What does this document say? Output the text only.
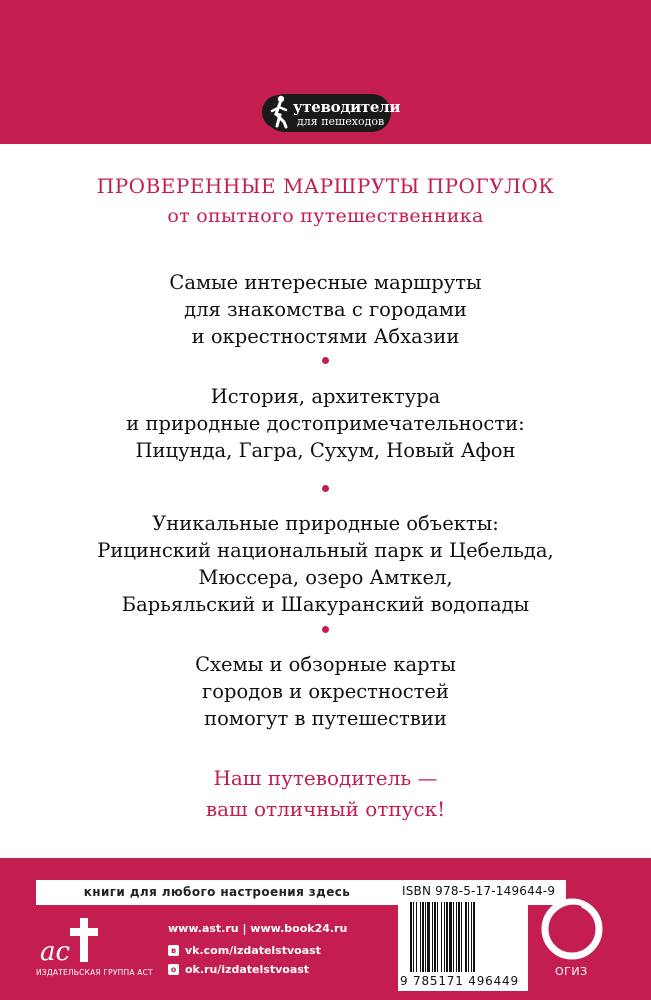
утеводители
для пешеходов
ПРОВЕРЕННЫЕ МАРШРУТЫ ПРОГУЛОК
от опытного путешественника
Самые интересные маршруты
для знакомства с городами
и окрестностями Абхазии
История, архитектура
и природные достопримечательности:
Пицунда, Гагра, Сухум, Новый Афон
Уникальные природные объекты:
Рицинский национальный парк и Цебельда,
Мюссера, озеро Амткел,
Барьяльский и Шакуранский водопады
Схемы и обзорные карты
городов и окрестностей
помогут в путешествии
Наш путеводитель —
ваш отличный отпуск!
книги для любого настроения здесь
ac
ИЗДАТЕЛЬСКАЯ ГРУППА АСТ
www.ast.ru | www.book24.ru
в vk.com/izdatelstvoast
о ok.ru/izdatelstvoast
ISBN 978-5-17-149644-9
9 785171 496449
ОГИЗ
